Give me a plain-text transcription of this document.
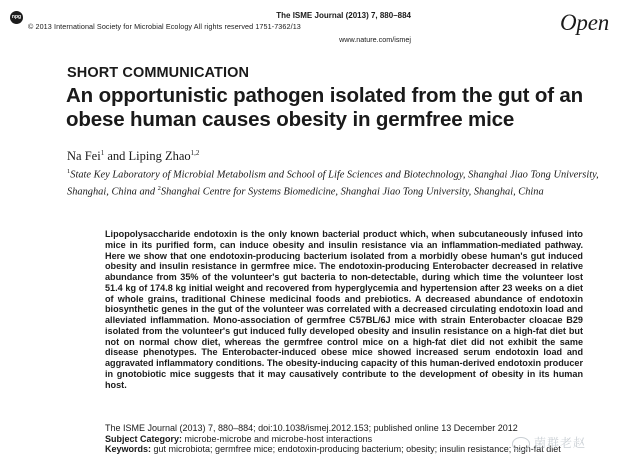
npg	The ISME Journal (2013) 7, 880–884
© 2013 International Society for Microbial Ecology All rights reserved 1751-7362/13
www.nature.com/ismej
Open
SHORT COMMUNICATION
An opportunistic pathogen isolated from the gut of an obese human causes obesity in germfree mice
Na Fei$^1$ and Liping Zhao$^{1,2}$
$^1$State Key Laboratory of Microbial Metabolism and School of Life Sciences and Biotechnology, Shanghai Jiao Tong University, Shanghai, China and $^2$Shanghai Centre for Systems Biomedicine, Shanghai Jiao Tong University, Shanghai, China
Lipopolysaccharide endotoxin is the only known bacterial product which, when subcutaneously infused into mice in its purified form, can induce obesity and insulin resistance via an inflammation-mediated pathway. Here we show that one endotoxin-producing bacterium isolated from a morbidly obese human's gut induced obesity and insulin resistance in germfree mice. The endotoxin-producing Enterobacter decreased in relative abundance from 35% of the volunteer's gut bacteria to non-detectable, during which time the volunteer lost 51.4 kg of 174.8 kg initial weight and recovered from hyperglycemia and hypertension after 23 weeks on a diet of whole grains, traditional Chinese medicinal foods and prebiotics. A decreased abundance of endotoxin biosynthetic genes in the gut of the volunteer was correlated with a decreased circulating endotoxin load and alleviated inflammation. Mono-association of germfree C57BL/6J mice with strain Enterobacter cloacae B29 isolated from the volunteer's gut induced fully developed obesity and insulin resistance on a high-fat diet but not on normal chow diet, whereas the germfree control mice on a high-fat diet did not exhibit the same disease phenotypes. The Enterobacter-induced obese mice showed increased serum endotoxin load and aggravated inflammatory conditions. The obesity-inducing capacity of this human-derived endotoxin producer in gnotobiotic mice suggests that it may causatively contribute to the development of obesity in its human host.
The ISME Journal (2013) 7, 880–884; doi:10.1038/ismej.2012.153; published online 13 December 2012
Subject Category: microbe-microbe and microbe-host interactions
Keywords: gut microbiota; germfree mice; endotoxin-producing bacterium; obesity; insulin resistance; high-fat diet
菌群老赵
